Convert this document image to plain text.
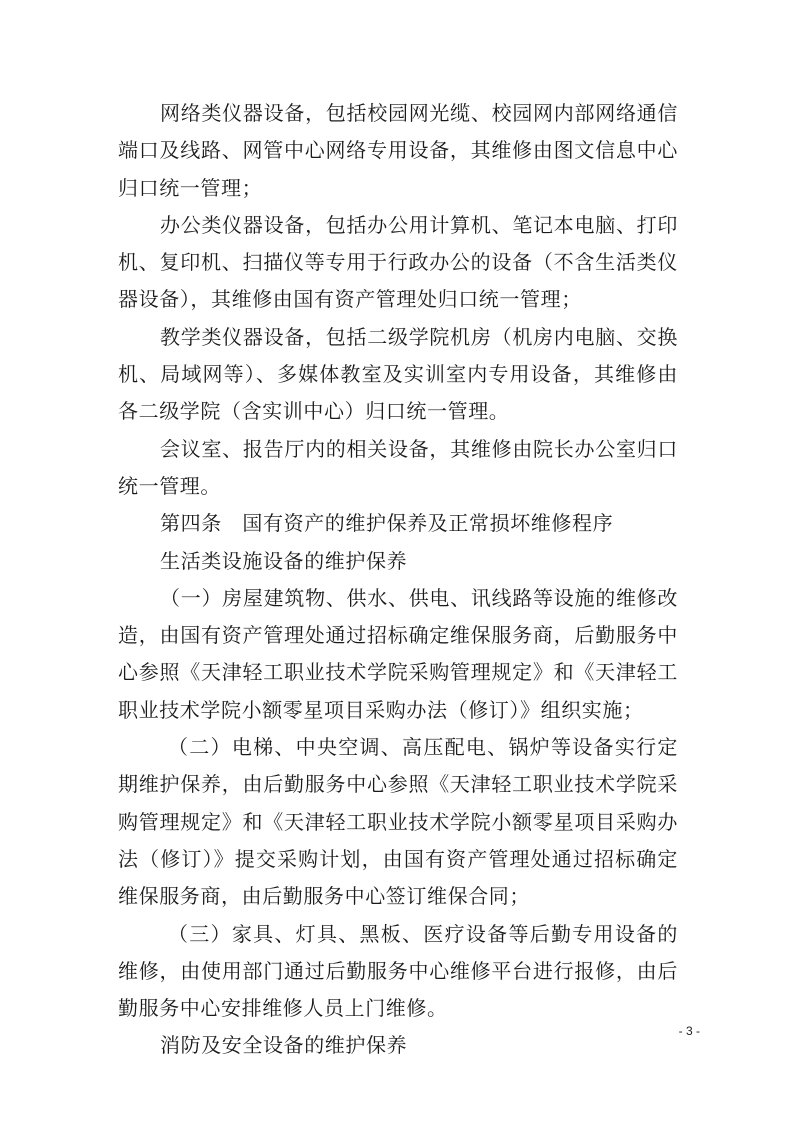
网络类仪器设备，包括校园网光缆、校园网内部网络通信端口及线路、网管中心网络专用设备，其维修由图文信息中心归口统一管理；

办公类仪器设备，包括办公用计算机、笔记本电脑、打印机、复印机、扫描仪等专用于行政办公的设备（不含生活类仪器设备），其维修由国有资产管理处归口统一管理；

教学类仪器设备，包括二级学院机房（机房内电脑、交换机、局域网等）、多媒体教室及实训室内专用设备，其维修由各二级学院（含实训中心）归口统一管理。

会议室、报告厅内的相关设备，其维修由院长办公室归口统一管理。

第四条　国有资产的维护保养及正常损坏维修程序

生活类设施设备的维护保养

（一）房屋建筑物、供水、供电、讯线路等设施的维修改造，由国有资产管理处通过招标确定维保服务商，后勤服务中心参照《天津轻工职业技术学院采购管理规定》和《天津轻工职业技术学院小额零星项目采购办法（修订）》组织实施；

（二）电梯、中央空调、高压配电、锅炉等设备实行定期维护保养，由后勤服务中心参照《天津轻工职业技术学院采购管理规定》和《天津轻工职业技术学院小额零星项目采购办法（修订）》提交采购计划，由国有资产管理处通过招标确定维保服务商，由后勤服务中心签订维保合同；

（三）家具、灯具、黑板、医疗设备等后勤专用设备的维修，由使用部门通过后勤服务中心维修平台进行报修，由后勤服务中心安排维修人员上门维修。

消防及安全设备的维护保养

- 3 -
